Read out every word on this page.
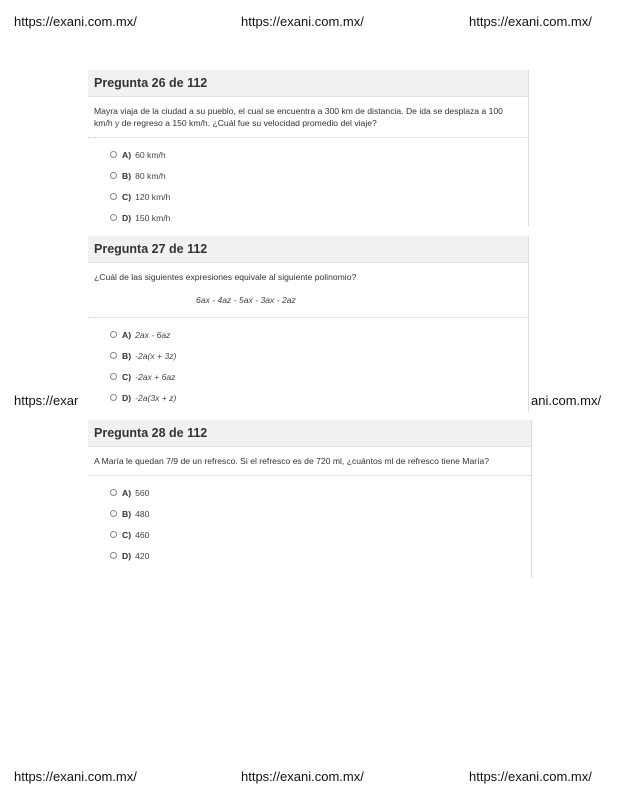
https://exani.com.mx/	https://exani.com.mx/	https://exani.com.mx/
https://exar	ani.com.mx/
https://exani.com.mx/	https://exani.com.mx/	https://exani.com.mx/
Pregunta 26 de 112
Mayra viaja de la ciudad a su pueblo, el cual se encuentra a 300 km de distancia. De ida se desplaza a 100 km/h y de regreso a 150 km/h. ¿Cuál fue su velocidad promedio del viaje?
A) 60 km/h
B) 80 km/h
C) 120 km/h
D) 150 km/h
Pregunta 27 de 112
¿Cuál de las siguientes expresiones equivale al siguiente polinomio?
6ax - 4az - 5ax - 3ax - 2az
A) 2ax - 6az
B) -2a(x + 3z)
C) -2ax + 6az
D) -2a(3x + z)
Pregunta 28 de 112
A María le quedan 7/9 de un refresco. Si el refresco es de 720 ml, ¿cuántos ml de refresco tiene María?
A) 560
B) 480
C) 460
D) 420
